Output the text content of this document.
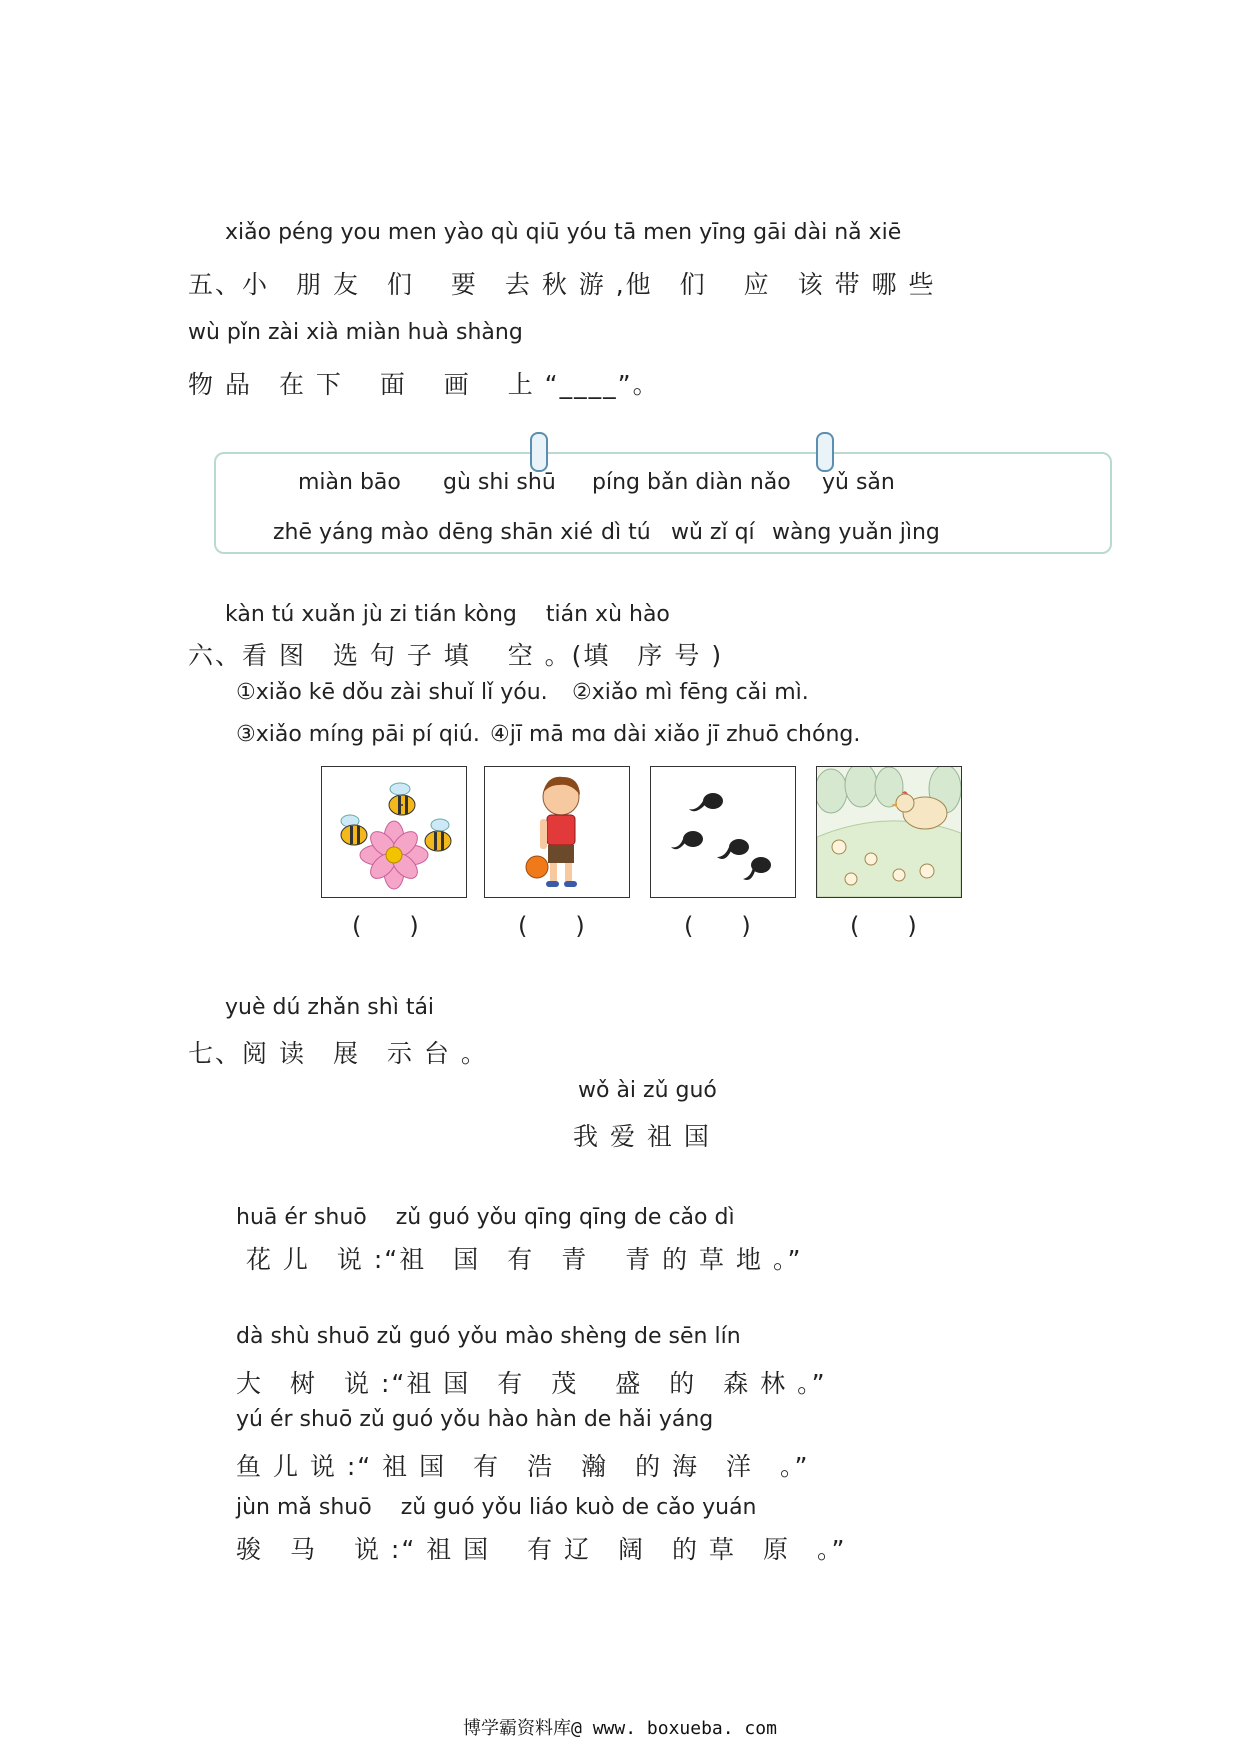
xiǎo péng you men yào qù qiū yóu tā men yīng gāi dài nǎ xiē
五、小　朋 友　们　 要　去 秋 游 ,他　们　 应　该 带 哪 些
wù pǐn zài xià miàn huà shàng
物 品　在 下　 面　 画　 上 “____”。
miàn bāo gù shi shū píng bǎn diàn nǎo yǔ sǎn
zhē yáng mào dēng shān xié dì tú wǔ zǐ qí wàng yuǎn jìng
kàn tú xuǎn jù zi tián kòng　 tián xù hào
六、看 图　选 句 子 填　 空 。(填　序 号 )
①xiǎo kē dǒu zài shuǐ lǐ yóu. ②xiǎo mì fēng cǎi mì.
③xiǎo míng pāi pí qiú. ④jī mā mɑ dài xiǎo jī zhuō chóng.
(　　)	(　　)	(　　)	(　　)
yuè dú zhǎn shì tái
七、阅 读　展　示 台 。
wǒ ài zǔ guó
我 爱 祖 国
huā ér shuō　 zǔ guó yǒu qīng qīng de cǎo dì
花 儿　说 :“祖　国　有　青　 青 的 草 地 。”
dà shù shuō zǔ guó yǒu mào shèng de sēn lín
大　树　说 :“祖 国　有　茂　 盛　的　森 林 。”
yú ér shuō zǔ guó yǒu hào hàn de hǎi yáng
鱼 儿 说 :“ 祖 国　有　浩　瀚　的 海　洋　。”
jùn mǎ shuō　 zǔ guó yǒu liáo kuò de cǎo yuán
骏　马　 说 :“ 祖 国　 有 辽　阔　的 草　原　。”
博学霸资料库@ www. boxueba. com
